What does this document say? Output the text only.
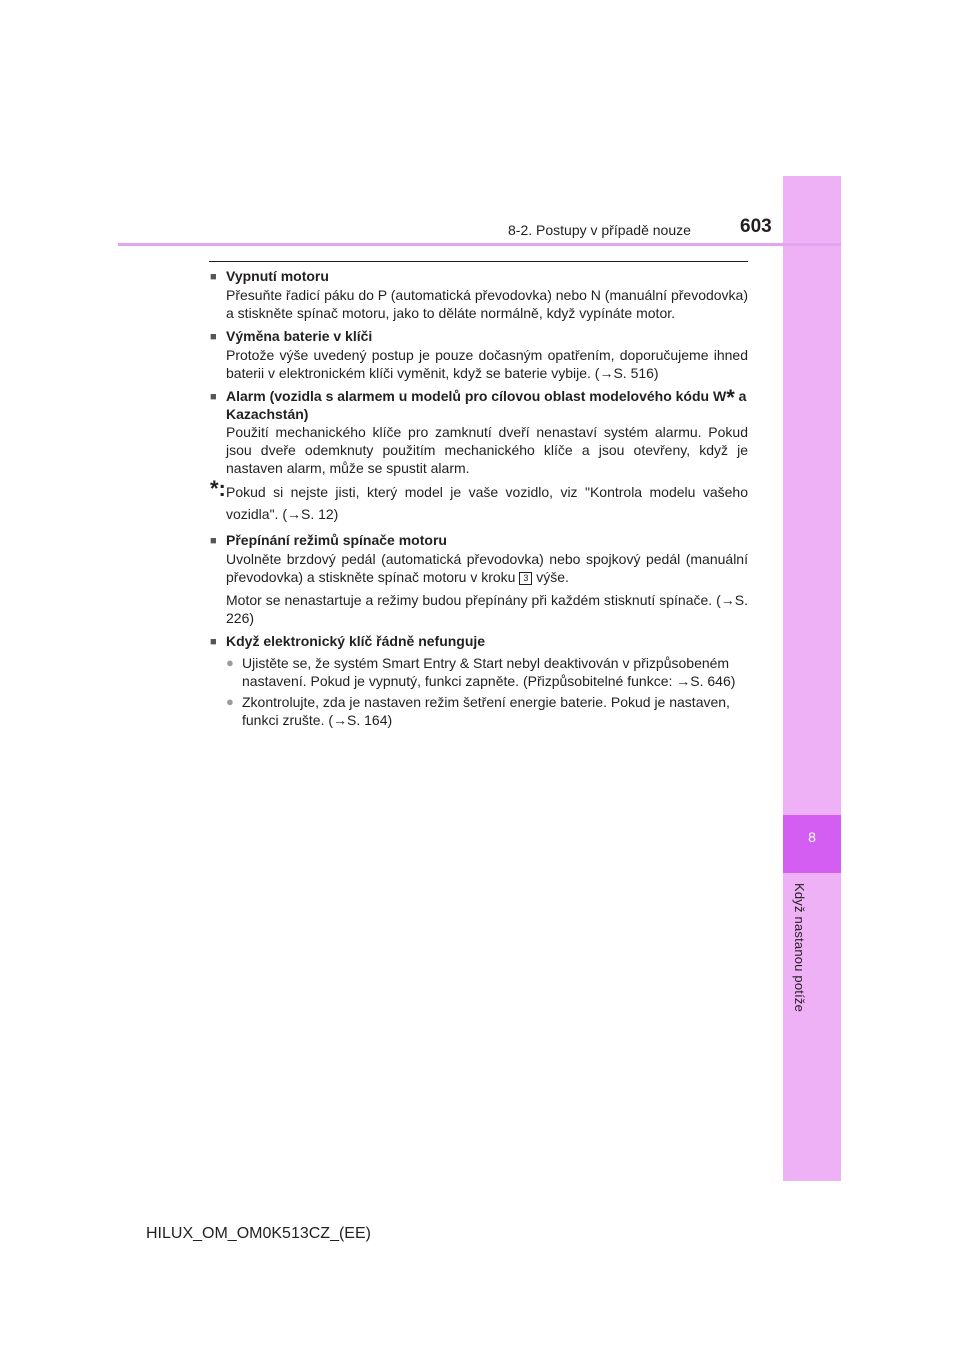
8
Když nastanou potíže
8-2. Postupy v případě nouze	603
■ Vypnutí motoru
Přesuňte řadicí páku do P (automatická převodovka) nebo N (manuální převodovka) a stiskněte spínač motoru, jako to děláte normálně, když vypínáte motor.
■ Výměna baterie v klíči
Protože výše uvedený postup je pouze dočasným opatřením, doporučujeme ihned baterii v elektronickém klíči vyměnit, když se baterie vybije. (→S. 516)
■ Alarm (vozidla s alarmem u modelů pro cílovou oblast modelového kódu W* a Kazachstán)
Použití mechanického klíče pro zamknutí dveří nenastaví systém alarmu. Pokud jsou dveře odemknuty použitím mechanického klíče a jsou otevřeny, když je nastaven alarm, může se spustit alarm.
*: Pokud si nejste jisti, který model je vaše vozidlo, viz "Kontrola modelu vašeho vozidla". (→S. 12)
■ Přepínání režimů spínače motoru
Uvolněte brzdový pedál (automatická převodovka) nebo spojkový pedál (manuální převodovka) a stiskněte spínač motoru v kroku 3 výše.
Motor se nenastartuje a režimy budou přepínány při každém stisknutí spínače. (→S. 226)
■ Když elektronický klíč řádně nefunguje
● Ujistěte se, že systém Smart Entry & Start nebyl deaktivován v přizpůsobeném nastavení. Pokud je vypnutý, funkci zapněte. (Přizpůsobitelné funkce: →S. 646)
● Zkontrolujte, zda je nastaven režim šetření energie baterie. Pokud je nastaven, funkci zrušte. (→S. 164)
HILUX_OM_OM0K513CZ_(EE)
